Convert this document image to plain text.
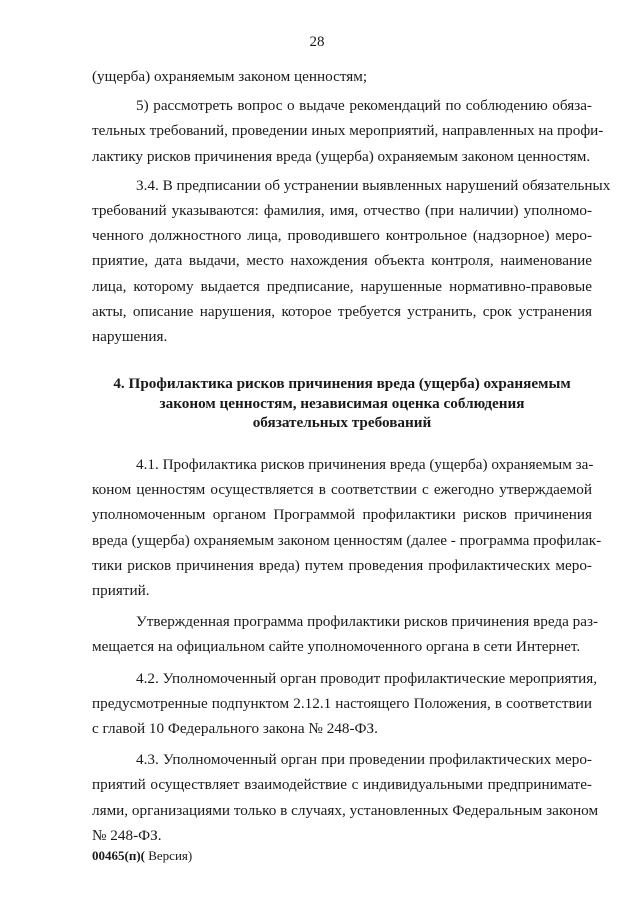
28
(ущерба) охраняемым законом ценностям;
5) рассмотреть вопрос о выдаче рекомендаций по соблюдению обяза-
тельных требований, проведении иных мероприятий, направленных на профи-
лактику рисков причинения вреда (ущерба) охраняемым законом ценностям.
3.4. В предписании об устранении выявленных нарушений обязательных
требований указываются: фамилия, имя, отчество (при наличии) уполномо-
ченного должностного лица, проводившего контрольное (надзорное) меро-
приятие, дата выдачи, место нахождения объекта контроля, наименование
лица, которому выдается предписание, нарушенные нормативно-правовые
акты, описание нарушения, которое требуется устранить, срок устранения
нарушения.
4. Профилактика рисков причинения вреда (ущерба) охраняемым
законом ценностям, независимая оценка соблюдения
обязательных требований
4.1. Профилактика рисков причинения вреда (ущерба) охраняемым за-
коном ценностям осуществляется в соответствии с ежегодно утверждаемой
уполномоченным органом Программой профилактики рисков причинения
вреда (ущерба) охраняемым законом ценностям (далее - программа профилак-
тики рисков причинения вреда) путем проведения профилактических меро-
приятий.
Утвержденная программа профилактики рисков причинения вреда раз-
мещается на официальном сайте уполномоченного органа в сети Интернет.
4.2. Уполномоченный орган проводит профилактические мероприятия,
предусмотренные подпунктом 2.12.1 настоящего Положения, в соответствии
с главой 10 Федерального закона № 248-ФЗ.
4.3. Уполномоченный орган при проведении профилактических меро-
приятий осуществляет взаимодействие с индивидуальными предпринимате-
лями, организациями только в случаях, установленных Федеральным законом
№ 248-ФЗ.
00465(п)( Версия)
